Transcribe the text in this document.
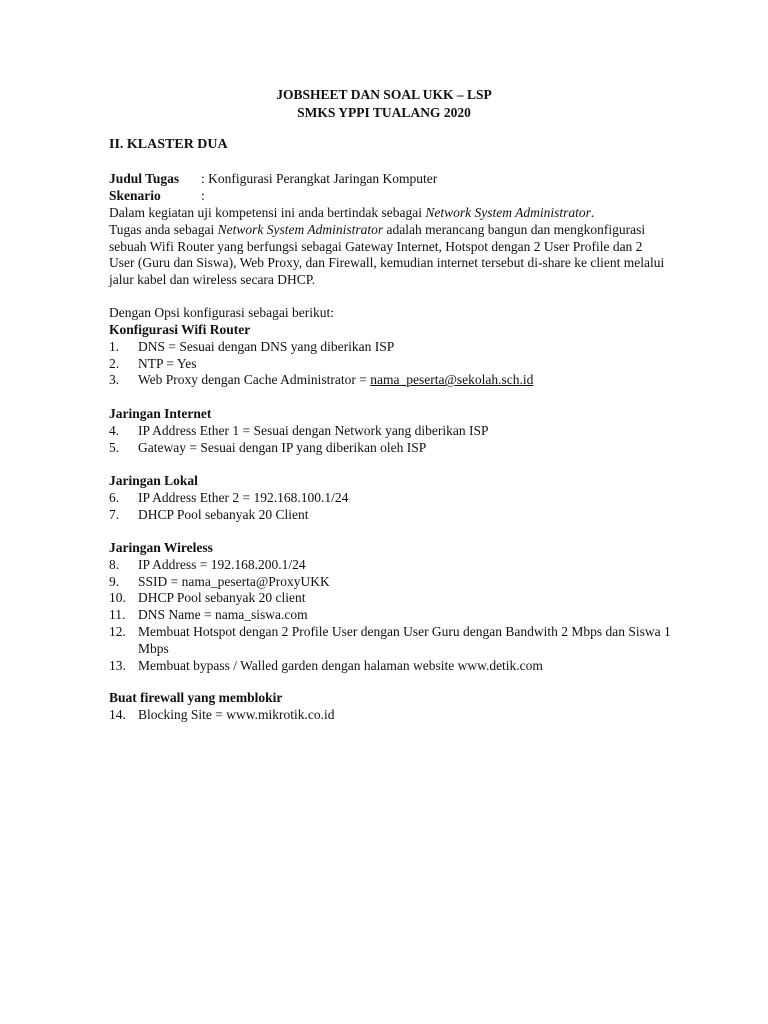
JOBSHEET DAN SOAL UKK – LSP
SMKS YPPI TUALANG 2020
II. KLASTER DUA
Judul Tugas	: Konfigurasi Perangkat Jaringan Komputer
Skenario	:
Dalam kegiatan uji kompetensi ini anda bertindak sebagai Network System Administrator.
Tugas anda sebagai Network System Administrator adalah merancang bangun dan mengkonfigurasi sebuah Wifi Router yang berfungsi sebagai Gateway Internet, Hotspot dengan 2 User Profile dan 2 User (Guru dan Siswa), Web Proxy, dan Firewall, kemudian internet tersebut di-share ke client melalui jalur kabel dan wireless secara DHCP.
Dengan Opsi konfigurasi sebagai berikut:
Konfigurasi Wifi Router
1. DNS = Sesuai dengan DNS yang diberikan ISP
2. NTP = Yes
3. Web Proxy dengan Cache Administrator = nama_peserta@sekolah.sch.id
Jaringan Internet
4. IP Address Ether 1 = Sesuai dengan Network yang diberikan ISP
5. Gateway = Sesuai dengan IP yang diberikan oleh ISP
Jaringan Lokal
6. IP Address Ether 2 = 192.168.100.1/24
7. DHCP Pool sebanyak 20 Client
Jaringan Wireless
8. IP Address = 192.168.200.1/24
9. SSID = nama_peserta@ProxyUKK
10. DHCP Pool sebanyak 20 client
11. DNS Name = nama_siswa.com
12. Membuat Hotspot dengan 2 Profile User dengan User Guru dengan Bandwith 2 Mbps dan Siswa 1 Mbps
13. Membuat bypass / Walled garden dengan halaman website www.detik.com
Buat firewall yang memblokir
14. Blocking Site = www.mikrotik.co.id
